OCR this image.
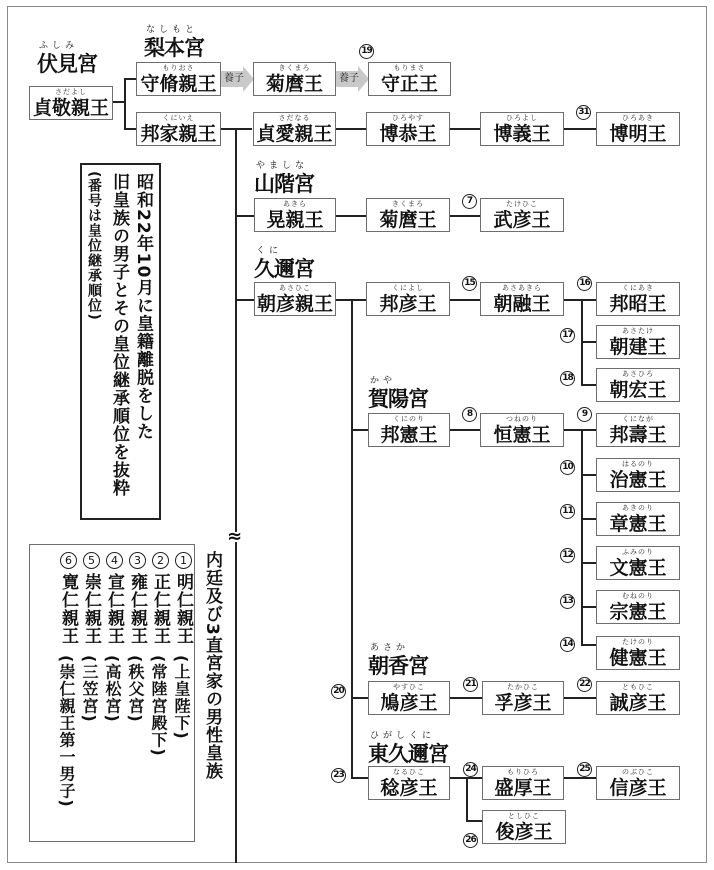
ふしみ
伏見宮
なしもと
梨本宮
やましな
山階宮
くに
久邇宮
かや
賀陽宮
あさか
朝香宮
ひがしくに
東久邇宮
≈
養子	養子
さだよし
貞敬親王
もりおさ
守脩親王
きくまろ
菊麿王
もりまさ
守正王
19
くにいえ
邦家親王
さだなる
貞愛親王
ひろやす
博恭王
ひろよし
博義王
ひろあき
博明王
31
あきら
晃親王
きくまろ
菊麿王
たけひこ
武彦王
7
あさひこ
朝彦親王
くによし
邦彦王
あさあきら
朝融王
15	くにあき
邦昭王
16
あさたけ
朝建王
17
あさひろ
朝宏王
18
くにのり
邦憲王
つねのり
恒憲王
8	くになが
邦壽王
9
はるのり
治憲王
10
あきのり
章憲王
11
ふみのり
文憲王
12
むねのり
宗憲王
13
たけのり
健憲王
14
やすひこ
鳩彦王
20	たかひこ
孚彦王
21	ともひこ
誠彦王
22
なるひこ
稔彦王
23	もりひろ
盛厚王
24	のぶひこ
信彦王
25
としひこ
俊彦王
26
昭和22年10月に皇籍離脱をした
旧皇族の男子とその皇位継承順位を抜粋
(番号は皇位継承順位)
内廷及び3直宮家の男性皇族
1
明仁親王
(上皇陛下)
2
正仁親王
(常陸宮殿下)
3
雍仁親王
(秩父宮)
4
宣仁親王
(高松宮)
5
崇仁親王
(三笠宮)
6
寛仁親王
(崇仁親王第一男子)
